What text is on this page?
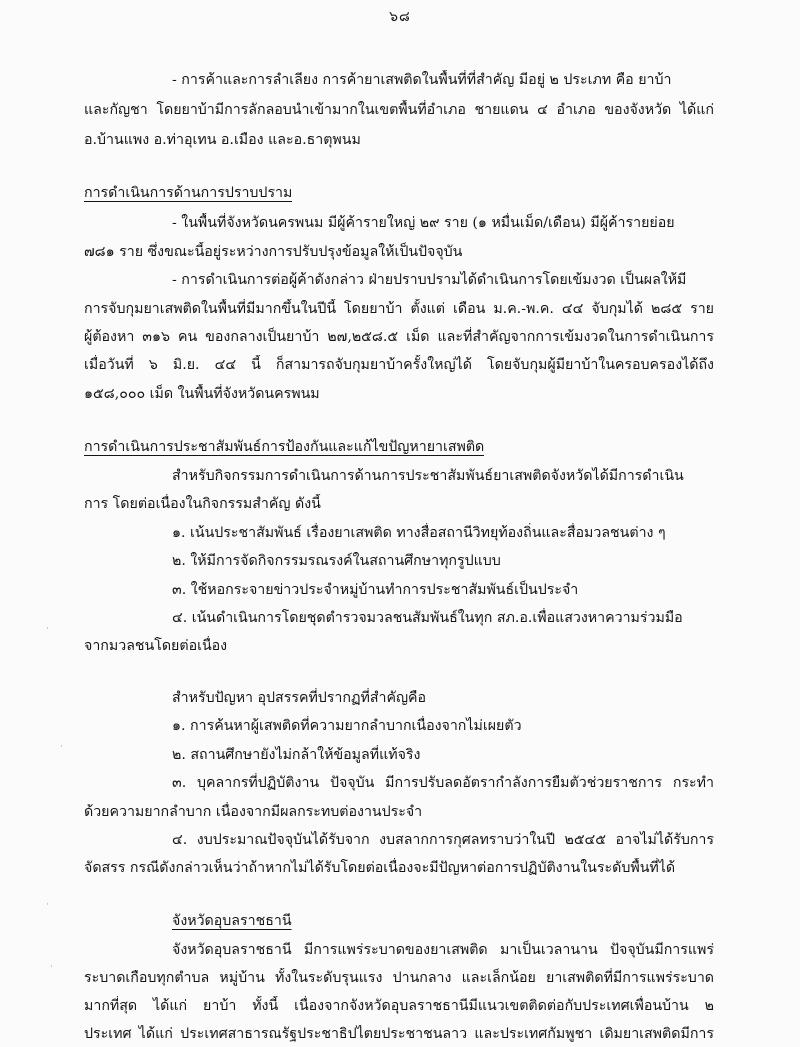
๖๘
- การค้าและการลำเลียง การค้ายาเสพติดในพื้นที่ที่สำคัญ มีอยู่ ๒ ประเภท คือ ยาบ้า
และกัญชา โดยยาบ้ามีการลักลอบนำเข้ามากในเขตพื้นที่อำเภอ ชายแดน ๔ อำเภอ ของจังหวัด ได้แก่
อ.บ้านแพง อ.ท่าอุเทน อ.เมือง และอ.ธาตุพนม
การดำเนินการด้านการปราบปราม
- ในพื้นที่จังหวัดนครพนม มีผู้ค้ารายใหญ่ ๒๙ ราย (๑ หมื่นเม็ด/เดือน) มีผู้ค้ารายย่อย
๗๘๑ ราย ซึ่งขณะนี้อยู่ระหว่างการปรับปรุงข้อมูลให้เป็นปัจจุบัน
- การดำเนินการต่อผู้ค้าดังกล่าว ฝ่ายปราบปรามได้ดำเนินการโดยเข้มงวด เป็นผลให้มี
การจับกุมยาเสพติดในพื้นที่มีมากขึ้นในปีนี้ โดยยาบ้า ตั้งแต่ เดือน ม.ค.-พ.ค. ๔๔ จับกุมได้ ๒๘๕ ราย
ผู้ต้องหา ๓๑๖ คน ของกลางเป็นยาบ้า ๒๗,๒๕๘.๕ เม็ด และที่สำคัญจากการเข้มงวดในการดำเนินการ
เมื่อวันที่ ๖ มิ.ย. ๔๔ นี้ ก็สามารถจับกุมยาบ้าครั้งใหญ่ได้ โดยจับกุมผู้มียาบ้าในครอบครองได้ถึง
๑๕๘,๐๐๐ เม็ด ในพื้นที่จังหวัดนครพนม
การดำเนินการประชาสัมพันธ์การป้องกันและแก้ไขปัญหายาเสพติด
สำหรับกิจกรรมการดำเนินการด้านการประชาสัมพันธ์ยาเสพติดจังหวัดได้มีการดำเนิน
การ โดยต่อเนื่องในกิจกรรมสำคัญ ดังนี้
๑. เน้นประชาสัมพันธ์ เรื่องยาเสพติด ทางสื่อสถานีวิทยุท้องถิ่นและสื่อมวลชนต่าง ๆ
๒. ให้มีการจัดกิจกรรมรณรงค์ในสถานศึกษาทุกรูปแบบ
๓. ใช้หอกระจายข่าวประจำหมู่บ้านทำการประชาสัมพันธ์เป็นประจำ
๔. เน้นดำเนินการโดยชุดตำรวจมวลชนสัมพันธ์ในทุก สภ.อ.เพื่อแสวงหาความร่วมมือ
จากมวลชนโดยต่อเนื่อง
สำหรับปัญหา อุปสรรคที่ปรากฏที่สำคัญคือ
๑. การค้นหาผู้เสพติดที่ความยากลำบากเนื่องจากไม่เผยตัว
๒. สถานศึกษายังไม่กล้าให้ข้อมูลที่แท้จริง
๓. บุคลากรที่ปฏิบัติงาน ปัจจุบัน มีการปรับลดอัตรากำลังการยืมตัวช่วยราชการ กระทำ
ด้วยความยากลำบาก เนื่องจากมีผลกระทบต่องานประจำ
๔. งบประมาณปัจจุบันได้รับจาก งบสลากการกุศลทราบว่าในปี ๒๕๔๕ อาจไม่ได้รับการ
จัดสรร กรณีดังกล่าวเห็นว่าถ้าหากไม่ได้รับโดยต่อเนื่องจะมีปัญหาต่อการปฏิบัติงานในระดับพื้นที่ได้
จังหวัดอุบลราชธานี
จังหวัดอุบลราชธานี มีการแพร่ระบาดของยาเสพติด มาเป็นเวลานาน ปัจจุบันมีการแพร่
ระบาดเกือบทุกตำบล หมู่บ้าน ทั้งในระดับรุนแรง ปานกลาง และเล็กน้อย ยาเสพติดที่มีการแพร่ระบาด
มากที่สุด ได้แก่ ยาบ้า ทั้งนี้ เนื่องจากจังหวัดอุบลราชธานีมีแนวเขตติดต่อกับประเทศเพื่อนบ้าน ๒
ประเทศ ได้แก่ ประเทศสาธารณรัฐประชาธิปไตยประชาชนลาว และประเทศกัมพูชา เดิมยาเสพติดมีการ
·
·
·
·
